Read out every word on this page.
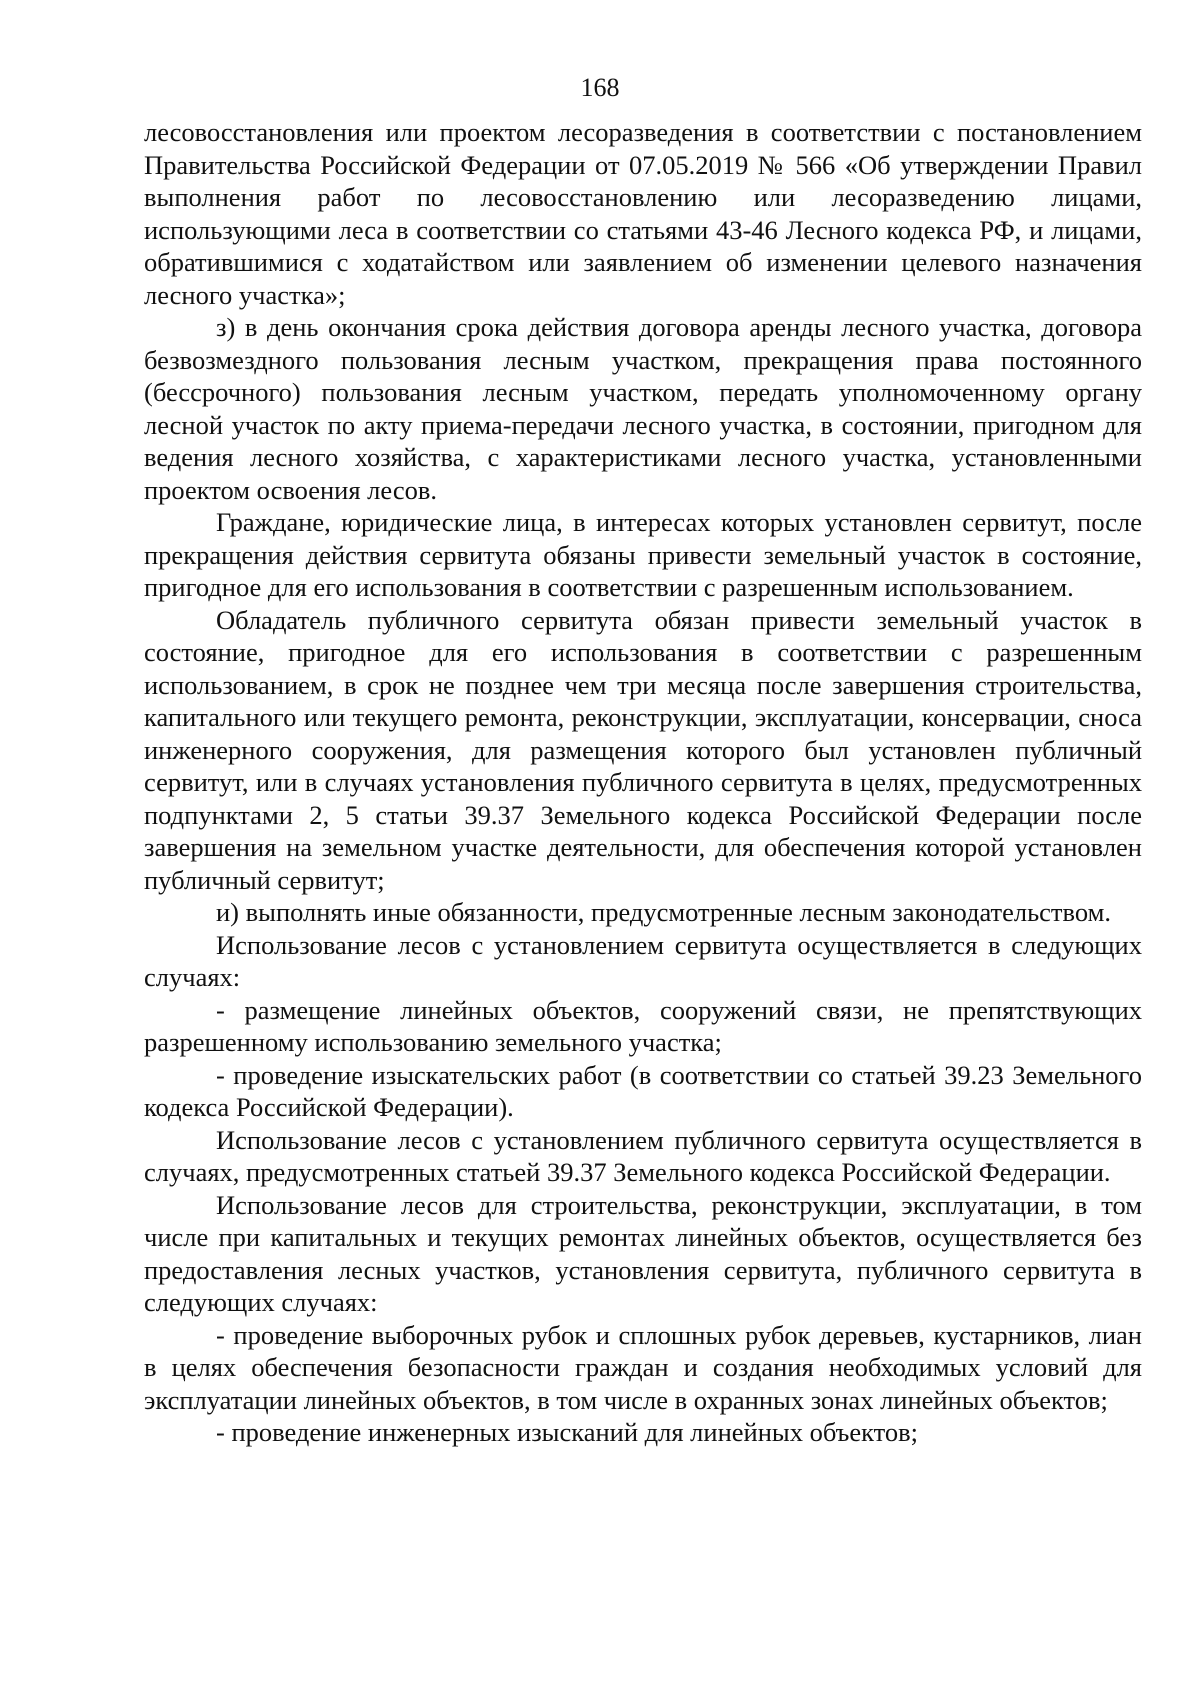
168

лесовосстановления или проектом лесоразведения в соответствии с постановлением Правительства Российской Федерации от 07.05.2019 № 566 «Об утверждении Правил выполнения работ по лесовосстановлению или лесоразведению лицами, использующими леса в соответствии со статьями 43-46 Лесного кодекса РФ, и лицами, обратившимися с ходатайством или заявлением об изменении целевого назначения лесного участка»;

з) в день окончания срока действия договора аренды лесного участка, договора безвозмездного пользования лесным участком, прекращения права постоянного (бессрочного) пользования лесным участком, передать уполномоченному органу лесной участок по акту приема-передачи лесного участка, в состоянии, пригодном для ведения лесного хозяйства, с характеристиками лесного участка, установленными проектом освоения лесов.

Граждане, юридические лица, в интересах которых установлен сервитут, после прекращения действия сервитута обязаны привести земельный участок в состояние, пригодное для его использования в соответствии с разрешенным использованием.

Обладатель публичного сервитута обязан привести земельный участок в состояние, пригодное для его использования в соответствии с разрешенным использованием, в срок не позднее чем три месяца после завершения строительства, капитального или текущего ремонта, реконструкции, эксплуатации, консервации, сноса инженерного сооружения, для размещения которого был установлен публичный сервитут, или в случаях установления публичного сервитута в целях, предусмотренных подпунктами 2, 5 статьи 39.37 Земельного кодекса Российской Федерации после завершения на земельном участке деятельности, для обеспечения которой установлен публичный сервитут;

и) выполнять иные обязанности, предусмотренные лесным законодательством.

Использование лесов с установлением сервитута осуществляется в следующих случаях:

- размещение линейных объектов, сооружений связи, не препятствующих разрешенному использованию земельного участка;

- проведение изыскательских работ (в соответствии со статьей 39.23 Земельного кодекса Российской Федерации).

Использование лесов с установлением публичного сервитута осуществляется в случаях, предусмотренных статьей 39.37 Земельного кодекса Российской Федерации.

Использование лесов для строительства, реконструкции, эксплуатации, в том числе при капитальных и текущих ремонтах линейных объектов, осуществляется без предоставления лесных участков, установления сервитута, публичного сервитута в следующих случаях:

- проведение выборочных рубок и сплошных рубок деревьев, кустарников, лиан в целях обеспечения безопасности граждан и создания необходимых условий для эксплуатации линейных объектов, в том числе в охранных зонах линейных объектов;

- проведение инженерных изысканий для линейных объектов;
